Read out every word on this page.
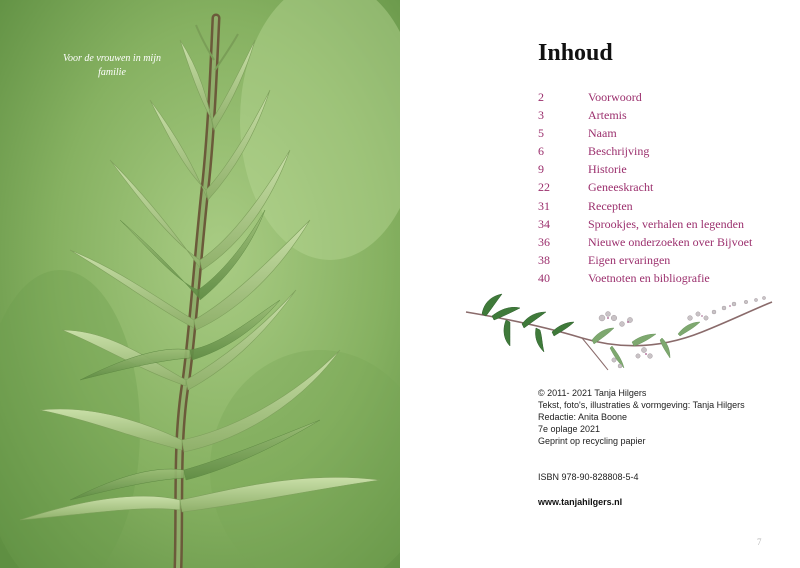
Voor de vrouwen in mijn familie
Inhoud
2	Voorwoord
3	Artemis
5	Naam
6	Beschrijving
9	Historie
22	Geneeskracht
31	Recepten
34	Sprookjes, verhalen en legenden
36	Nieuwe onderzoeken over Bijvoet
38	Eigen ervaringen
40	Voetnoten en bibliografie
© 2011- 2021 Tanja Hilgers
Tekst, foto's, illustraties & vormgeving: Tanja Hilgers
Redactie: Anita Boone
7e oplage 2021
Geprint op recycling papier
ISBN 978-90-828808-5-4
www.tanjahilgers.nl
7
